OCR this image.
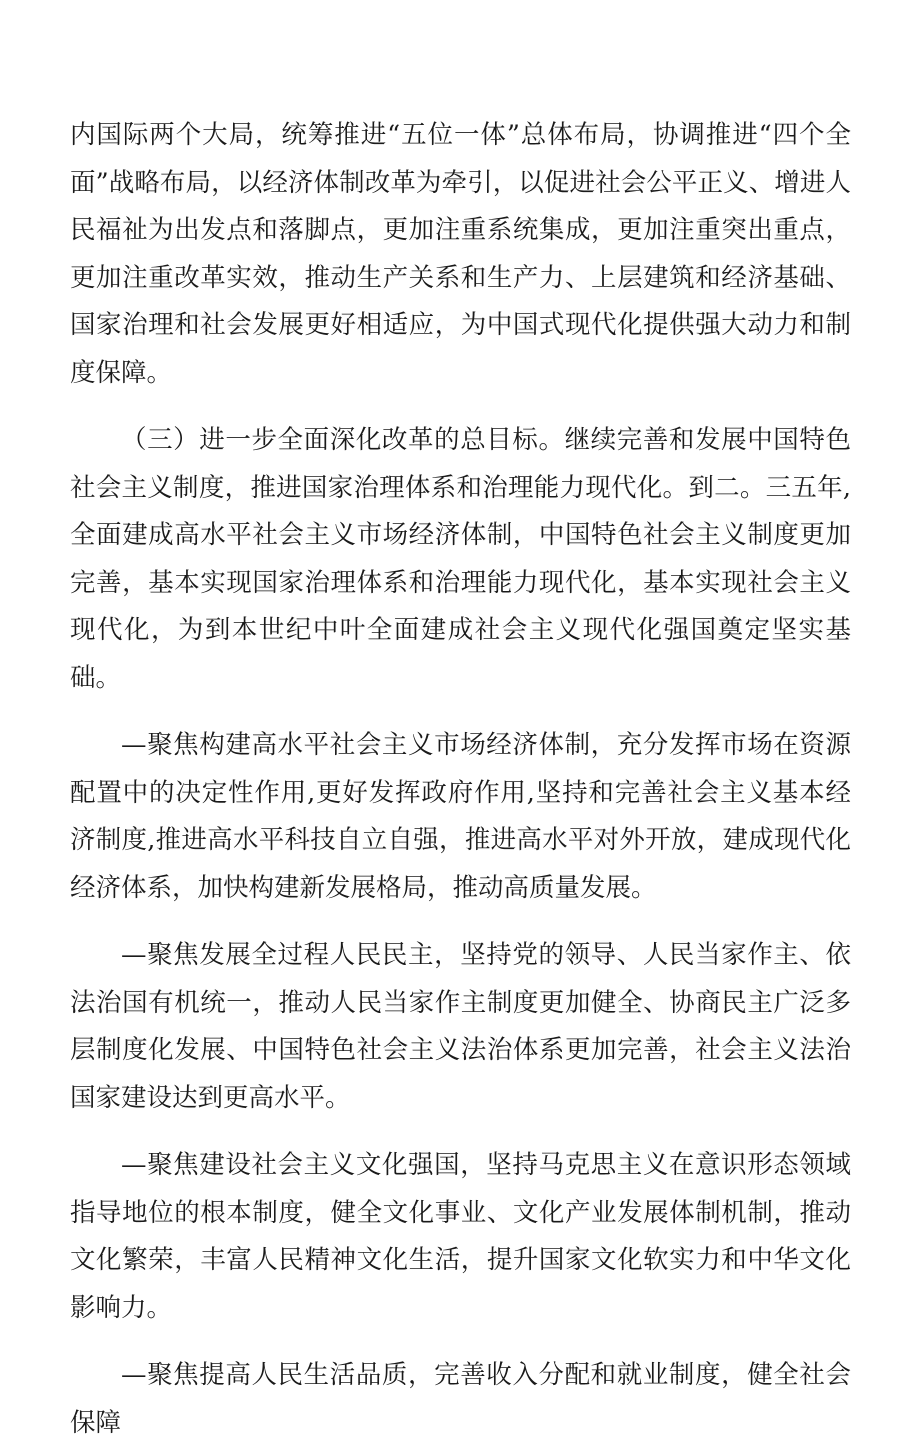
内国际两个大局，统筹推进“五位一体”总体布局，协调推进“四个全面”战略布局，以经济体制改革为牵引，以促进社会公平正义、增进人民福祉为出发点和落脚点，更加注重系统集成，更加注重突出重点，更加注重改革实效，推动生产关系和生产力、上层建筑和经济基础、国家治理和社会发展更好相适应，为中国式现代化提供强大动力和制度保障。

（三）进一步全面深化改革的总目标。继续完善和发展中国特色社会主义制度，推进国家治理体系和治理能力现代化。到二。三五年,全面建成高水平社会主义市场经济体制，中国特色社会主义制度更加完善，基本实现国家治理体系和治理能力现代化，基本实现社会主义现代化，为到本世纪中叶全面建成社会主义现代化强国奠定坚实基础。

—聚焦构建高水平社会主义市场经济体制，充分发挥市场在资源配置中的决定性作用,更好发挥政府作用,坚持和完善社会主义基本经济制度,推进高水平科技自立自强，推进高水平对外开放，建成现代化经济体系，加快构建新发展格局，推动高质量发展。

—聚焦发展全过程人民民主，坚持党的领导、人民当家作主、依法治国有机统一，推动人民当家作主制度更加健全、协商民主广泛多层制度化发展、中国特色社会主义法治体系更加完善，社会主义法治国家建设达到更高水平。

—聚焦建设社会主义文化强国，坚持马克思主义在意识形态领域指导地位的根本制度，健全文化事业、文化产业发展体制机制，推动文化繁荣，丰富人民精神文化生活，提升国家文化软实力和中华文化影响力。

—聚焦提高人民生活品质，完善收入分配和就业制度，健全社会保障
